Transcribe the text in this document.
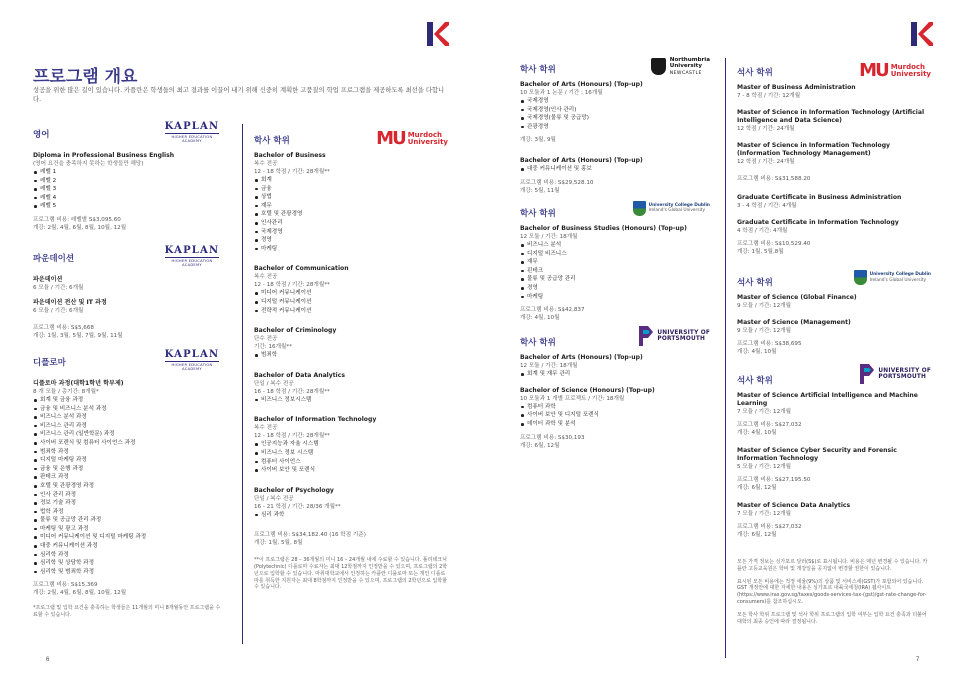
프로그램 개요
성공을 위한 많은 길이 있습니다. 카플란은 학생들의 최고 결과를 이끌어 내기 위해 신중히 계획한 고품질의 학업 프로그램을 제공하도록 최선을 다합니다.
영어
KAPLAN
HIGHER EDUCATION
ACADEMY
Diploma in Professional Business English
(영어 요건을 충족하지 못하는 학생들만 해당)
레벨 1
레벨 2
레벨 3
레벨 4
레벨 5
프로그램 비용: 레벨별 S$3,095.60
개강: 2월, 4월, 6월, 8월, 10월, 12월
파운데이션
KAPLAN
HIGHER EDUCATION
ACADEMY
파운데이션
6 모듈 / 기간: 6개월
파운데이션 전산 및 IT 과정
6 모듈 / 기간: 6개월
프로그램 비용: S$5,668
개강: 1월, 3월, 5월, 7월, 9월, 11월
디플로마
KAPLAN
HIGHER EDUCATION
ACADEMY
디플로마 과정(대학1학년 학부제)
8 개 모듈 / 총기간: 8개월*
회계 및 금융 과정
금융 및 비즈니스 분석 과정
비즈니스 분석 과정
비즈니스 관리 과정
비즈니스 관리 (일반학문) 과정
사이버 포렌식 및 컴퓨터 사이언스 과정
범죄학 과정
디지털 마케팅 과정
금융 및 은행 과정
판테크 과정
호텔 및 관광경영 과정
인사 관리 과정
정보 기술 과정
법학 과정
물류 및 공급망 관리 과정
마케팅 및 광고 과정
미디어 커뮤니케이션 및 디지털 마케팅 과정
대중 커뮤니케이션 과정
심리학 과정
심리학 및 상담학 과정
심리학 및 범죄학 과정
프로그램 비용: S$15,369
개강: 2월, 4월, 6월, 8월, 10월, 12월
*프로그램 및 입학 요건을 충족하는 학생들은 11개월의 미니 8개월동안 프로그램을 수료할 수 있습니다.
학사 학위	MU Murdoch
University
Bachelor of Business
복수 전공
12 - 18 학점 / 기간: 28개월**
회계
금융
상법
재무
호텔 및 관광경영
인사관리
국제경영
경영
마케팅
Bachelor of Communication
복수 전공
12 - 18 학점 / 기간: 28개월**
미디어 커뮤니케이션
디지털 커뮤니케이션
전략적 커뮤니케이션
Bachelor of Criminology
단수 전공
기간: 16개월**
범죄학
Bachelor of Data Analytics
단일 / 복수 전공
16 - 18 학점 / 기간: 28개월**
비즈니스 정보시스템
Bachelor of Information Technology
복수 전공
12 - 18 학점 / 기간: 28개월**
인공지능과 자율 시스템
비즈니스 정보 시스템
컴퓨터 사이언스
사이버 보안 및 포렌식
Bachelor of Psychology
단일 / 복수 전공
16 - 21 학점 / 기간: 28/36 개월**
심리 과학
프로그램 비용: S$34,182.40 (16 학점 기준)
개강: 1월, 5월, 8월
**이 프로그램은 28 – 36개월의 미니 16 – 24개월 내에 수료할 수 있습니다. 폴리테크닉(Polytechnic) 디플로마 수료자는 최대 12학점까지 인정받을 수 있으며, 프로그램의 2학년으로 입학할 수 있습니다. 마취대학교에서 인정하는 카플란 디플로마 또는 개인 디플로마를 취득한 지원자는 최대 8학점까지 인정받을 수 있으며, 프로그램의 2학년으로 입학할 수 있습니다.
6
학사 학위
Northumbria
University
NEWCASTLE
Bachelor of Arts (Honours) (Top-up)
10 모듈과 1 논문 / 기간 : 16개월
국제경영
국제경영(인사 관리)
국제경영(물류 및 공급망)
관광경영
개강: 3월, 9월
Bachelor of Arts (Honours) (Top-up)
대중 커뮤니케이션 및 홍보
프로그램 비용: S$29,528.10
개강: 5월, 11월
학사 학위
University College Dublin
Ireland's Global University
Bachelor of Business Studies (Honours) (Top-up)
12 모듈 / 기간: 18개월
비즈니스 분석
디지털 비즈니스
재무
핀테크
물류 및 공급망 관리
경영
마케팅
프로그램 비용: S$42,837
개강: 4월, 10월
학사 학위
UNIVERSITY OF
PORTSMOUTH
Bachelor of Arts (Honours) (Top-up)
12 모듈 / 기간: 18개월
회계 및 재무 관리
Bachelor of Science (Honours) (Top-up)
10 모듈과 1 개별 프로젝트 / 기간: 18개월
컴퓨터 과학
사이버 보안 및 디지털 포렌식
데이터 과학 및 분석
프로그램 비용: S$30,193
개강: 6월, 12월
석사 학위	MU Murdoch
University
Master of Business Administration
7 - 8 학점 / 기간: 12개월
Master of Science in Information Technology (Artificial Intelligence and Data Science)
12 학점 / 기간: 24개월
Master of Science in Information Technology (Information Technology Management)
12 학점 / 기간: 24개월
프로그램 비용: S$31,588.20
Graduate Certificate in Business Administration
3 - 4 학점 / 기간: 4개월
Graduate Certificate in Information Technology
4 학점 / 기간: 4개월
프로그램 비용: S$10,529.40
개강: 1월, 5월,8월
석사 학위
University College Dublin
Ireland's Global University
Master of Science (Global Finance)
9 모듈 / 기간: 12개월
Master of Science (Management)
9 모듈 / 기간: 12개월
프로그램 비용: S$38,695
개강: 4월, 10월
석사 학위
UNIVERSITY OF
PORTSMOUTH
Master of Science Artificial Intelligence and Machine Learning
7 모듈 / 기간: 12개월
프로그램 비용: S$27,032
개강: 4월, 10월
Master of Science Cyber Security and Forensic Information Technology
5 모듈 / 기간: 12개월
프로그램 비용: S$27,195.50
개강: 6월, 12월
Master of Science Data Analytics
7 모듈 / 기간: 12개월
프로그램 비용: S$27,032
개강: 6월, 12월
모든 가격 정보는 싱가포르 달러(S$)로 표시됩니다. 비용은 매년 변경될 수 있습니다. 카플란 고등교육원은 학비 및 개강일을 공지없이 변경할 권한이 있습니다.
표시된 모든 비용에는 적정 세율(9%)의 상품 및 서비스세(GST)가 포함되어 있습니다. GST 개정안에 대한 자세한 내용은 싱가포르 내륙국세청(IRA) 웹사이트 (https://www.iras.gov.sg/taxes/goods-services-tax-(gst)/gst-rate-change-for-consumers)를 참조하십시오.
모든 학사 학위 프로그램 및 석사 학위 프로그램의 입학 여부는 입학 요건 충족과 더불어 대학의 최종 승인에 따라 결정됩니다.
7
